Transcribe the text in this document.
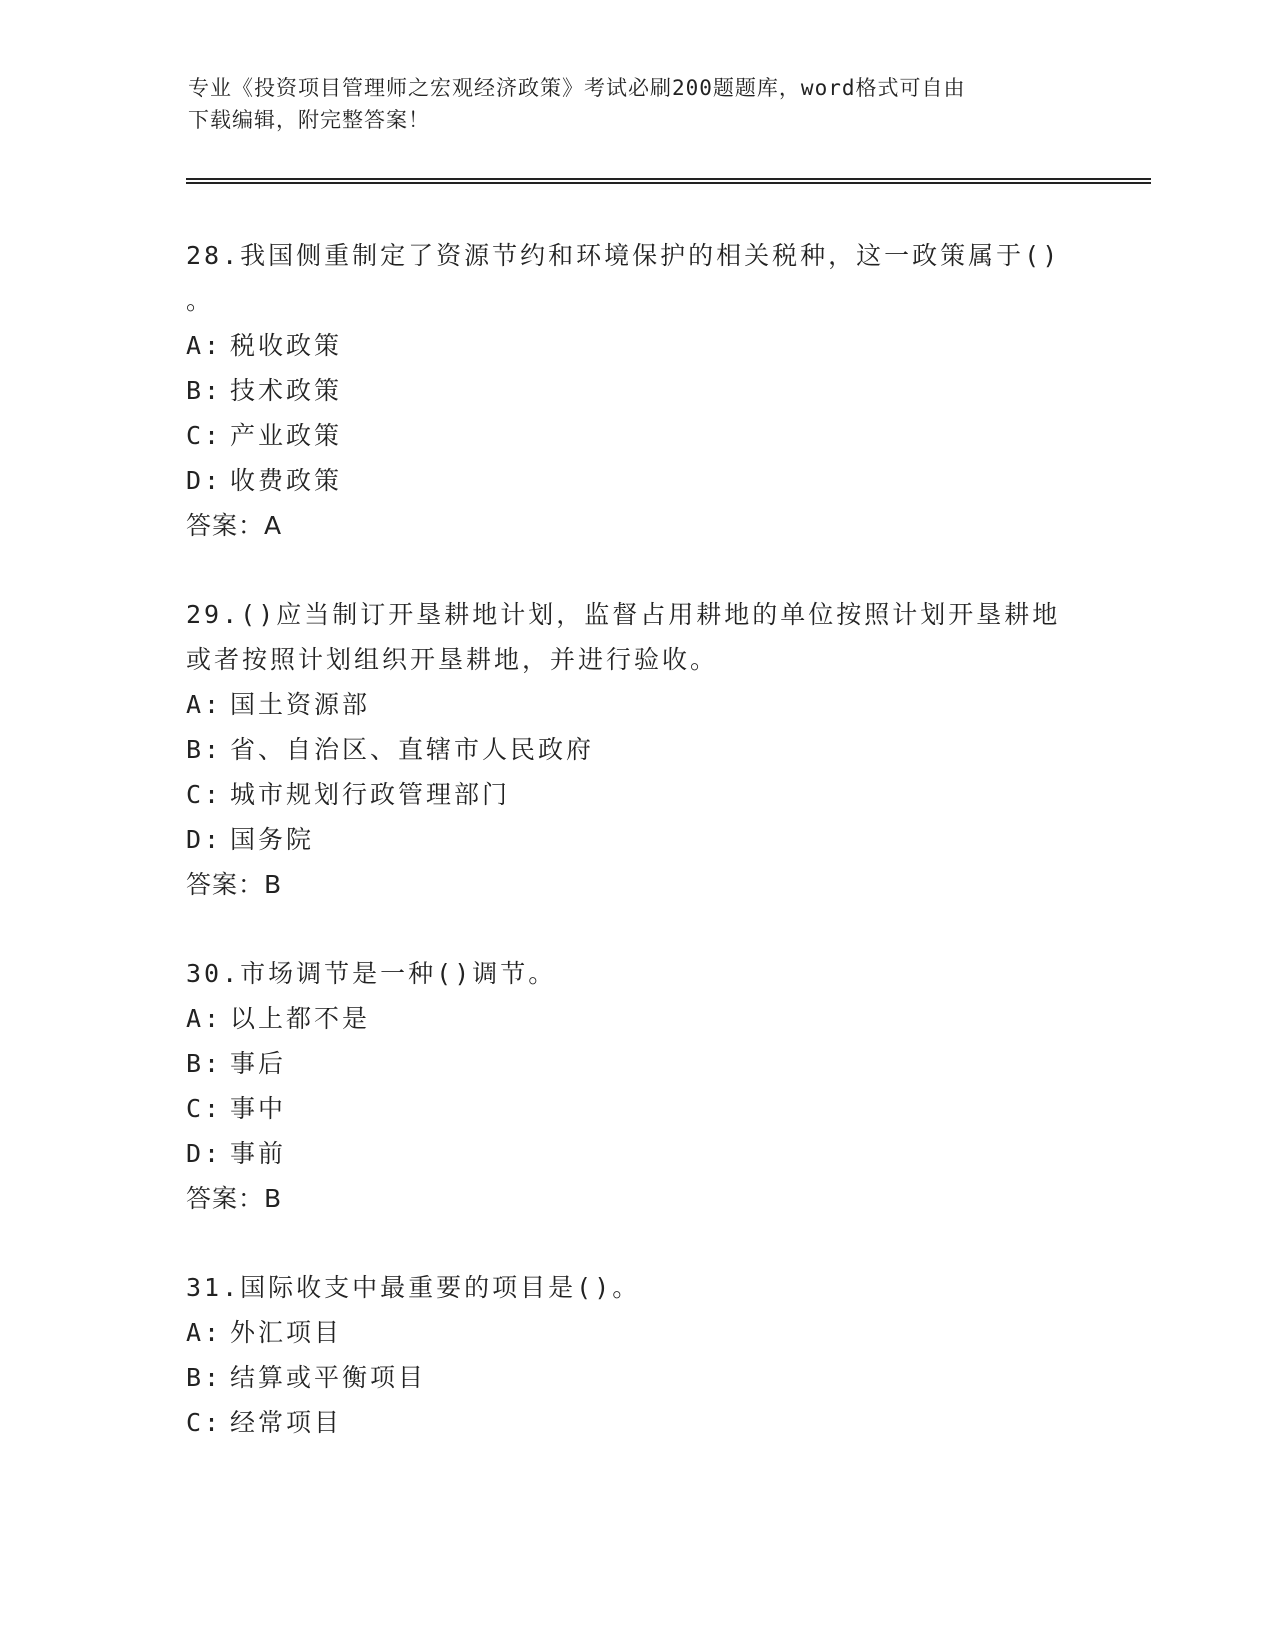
专业《投资项目管理师之宏观经济政策》考试必刷200题题库，word格式可自由
下载编辑，附完整答案！

28.我国侧重制定了资源节约和环境保护的相关税种，这一政策属于()

。

A: 税收政策

B: 技术政策

C: 产业政策

D: 收费政策

答案：A

29.()应当制订开垦耕地计划，监督占用耕地的单位按照计划开垦耕地

或者按照计划组织开垦耕地，并进行验收。

A: 国土资源部

B: 省、自治区、直辖市人民政府

C: 城市规划行政管理部门

D: 国务院

答案：B

30.市场调节是一种()调节。

A: 以上都不是

B: 事后

C: 事中

D: 事前

答案：B

31.国际收支中最重要的项目是()。

A: 外汇项目

B: 结算或平衡项目

C: 经常项目
